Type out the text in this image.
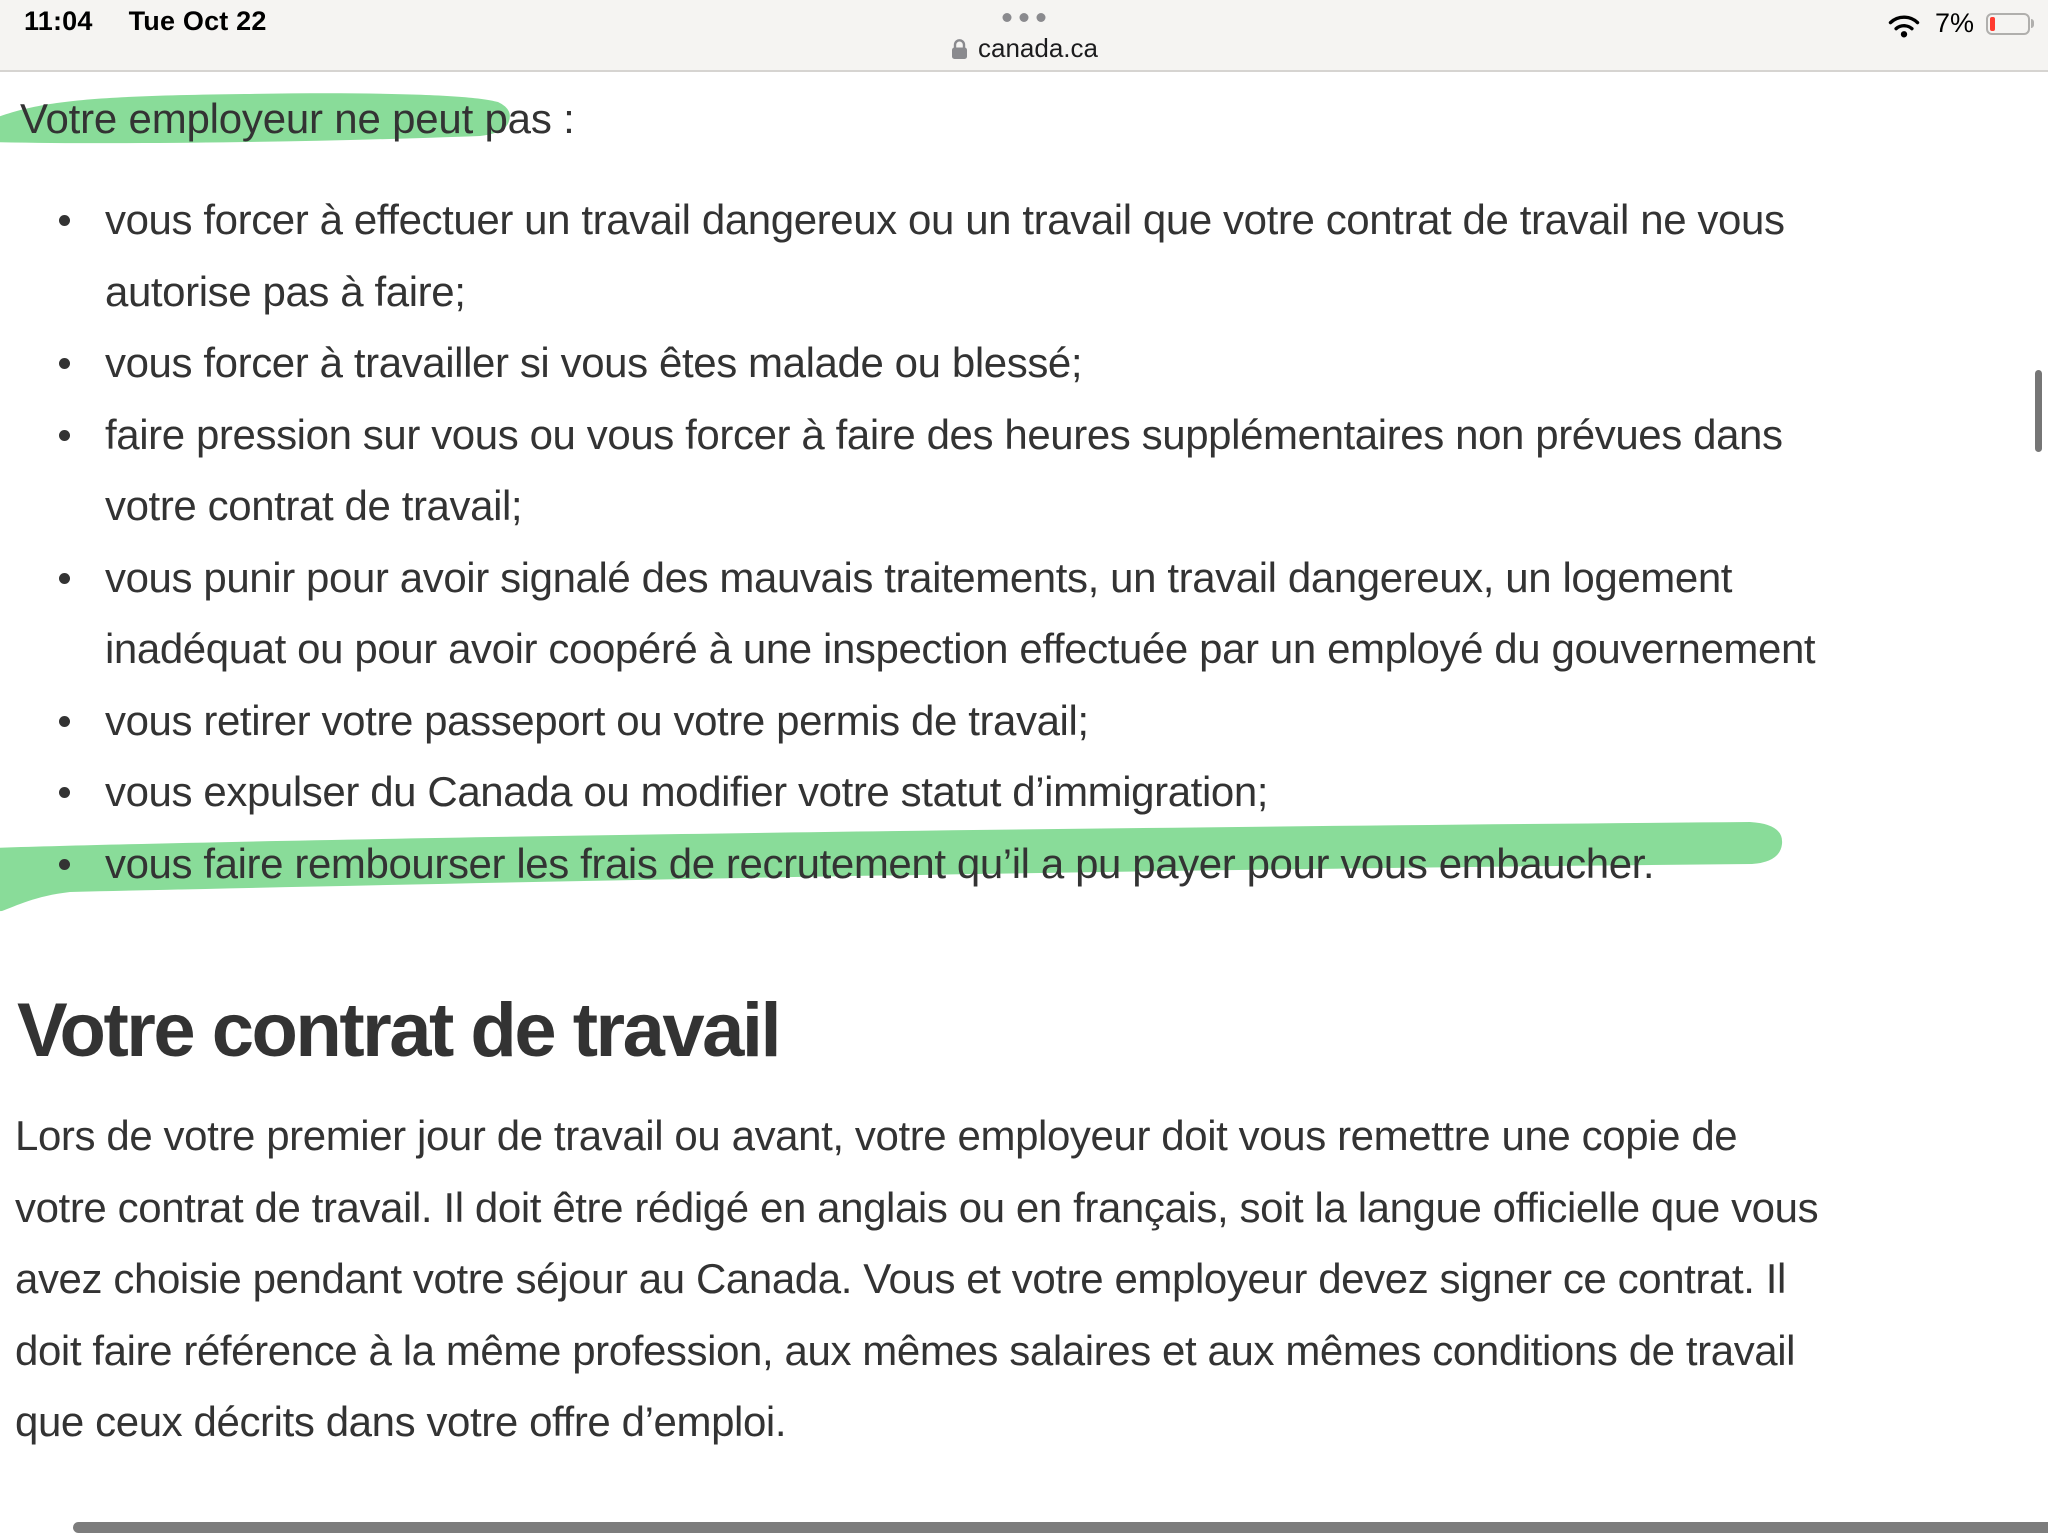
11:04 Tue Oct 22
canada.ca
7%
Votre employeur ne peut pas :
vous forcer à effectuer un travail dangereux ou un travail que votre contrat de travail ne vous
autorise pas à faire;
vous forcer à travailler si vous êtes malade ou blessé;
faire pression sur vous ou vous forcer à faire des heures supplémentaires non prévues dans
votre contrat de travail;
vous punir pour avoir signalé des mauvais traitements, un travail dangereux, un logement
inadéquat ou pour avoir coopéré à une inspection effectuée par un employé du gouvernement
vous retirer votre passeport ou votre permis de travail;
vous expulser du Canada ou modifier votre statut d’immigration;
vous faire rembourser les frais de recrutement qu’il a pu payer pour vous embaucher.
Votre contrat de travail
Lors de votre premier jour de travail ou avant, votre employeur doit vous remettre une copie de
votre contrat de travail. Il doit être rédigé en anglais ou en français, soit la langue officielle que vous
avez choisie pendant votre séjour au Canada. Vous et votre employeur devez signer ce contrat. Il
doit faire référence à la même profession, aux mêmes salaires et aux mêmes conditions de travail
que ceux décrits dans votre offre d’emploi.
